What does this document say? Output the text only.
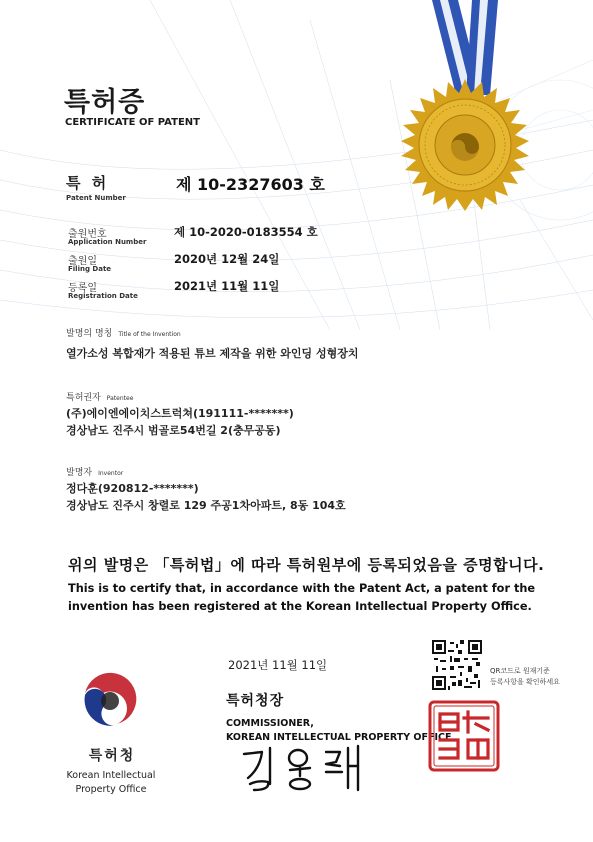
특허증
CERTIFICATE OF PATENT
특 허
Patent Number
제 10-2327603 호
출원번호
Application Number
제 10-2020-0183554 호
출원일
Filing Date
2020년 12월 24일
등록일
Registration Date
2021년 11월 11일
발명의 명칭 Title of the Invention
열가소성 복합재가 적용된 튜브 제작을 위한 와인딩 성형장치
특허권자 Patentee
(주)에이엔에이치스트럭쳐(191111-*******)
경상남도 진주시 범골로54번길 2(충무공동)
발명자 Inventor
정다훈(920812-*******)
경상남도 진주시 창렬로 129 주공1차아파트, 8동 104호
위의 발명은 「특허법」에 따라 특허원부에 등록되었음을 증명합니다.
This is to certify that, in accordance with the Patent Act, a patent for the invention has been registered at the Korean Intellectual Property Office.
2021년 11월 11일
특허청장
COMMISSIONER,
KOREAN INTELLECTUAL PROPERTY OFFICE
특허청
Korean Intellectual Property Office
QR코드로 원재기준
등록사항을 확인하세요
